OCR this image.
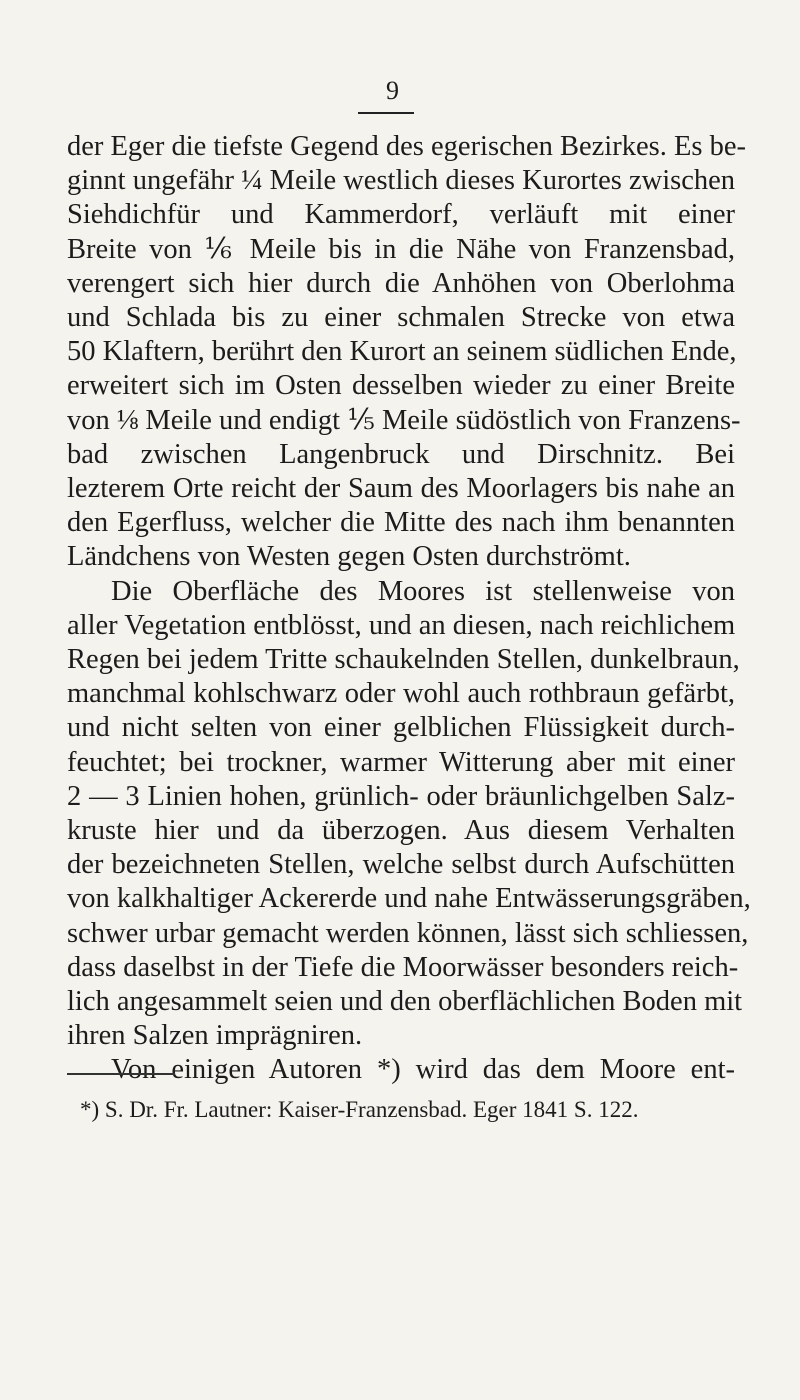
9
der Eger die tiefste Gegend des egerischen Bezirkes. Es be-
ginnt ungefähr ¼ Meile westlich dieses Kurortes zwischen
Siehdichfür und Kammerdorf, verläuft mit einer
Breite von ⅙ Meile bis in die Nähe von Franzensbad,
verengert sich hier durch die Anhöhen von Oberlohma
und Schlada bis zu einer schmalen Strecke von etwa
50 Klaftern, berührt den Kurort an seinem südlichen Ende,
erweitert sich im Osten desselben wieder zu einer Breite
von ⅛ Meile und endigt ⅕ Meile südöstlich von Franzens-
bad zwischen Langenbruck und Dirschnitz. Bei
lezterem Orte reicht der Saum des Moorlagers bis nahe an
den Egerfluss, welcher die Mitte des nach ihm benannten
Ländchens von Westen gegen Osten durchströmt.
Die Oberfläche des Moores ist stellenweise von
aller Vegetation entblösst, und an diesen, nach reichlichem
Regen bei jedem Tritte schaukelnden Stellen, dunkelbraun,
manchmal kohlschwarz oder wohl auch rothbraun gefärbt,
und nicht selten von einer gelblichen Flüssigkeit durch-
feuchtet; bei trockner, warmer Witterung aber mit einer
2 — 3 Linien hohen, grünlich- oder bräunlichgelben Salz-
kruste hier und da überzogen. Aus diesem Verhalten
der bezeichneten Stellen, welche selbst durch Aufschütten
von kalkhaltiger Ackererde und nahe Entwässerungsgräben,
schwer urbar gemacht werden können, lässt sich schliessen,
dass daselbst in der Tiefe die Moorwässer besonders reich-
lich angesammelt seien und den oberflächlichen Boden mit
ihren Salzen imprägniren.
Von einigen Autoren *) wird das dem Moore ent-
*) S. Dr. Fr. Lautner: Kaiser-Franzensbad. Eger 1841 S. 122.
